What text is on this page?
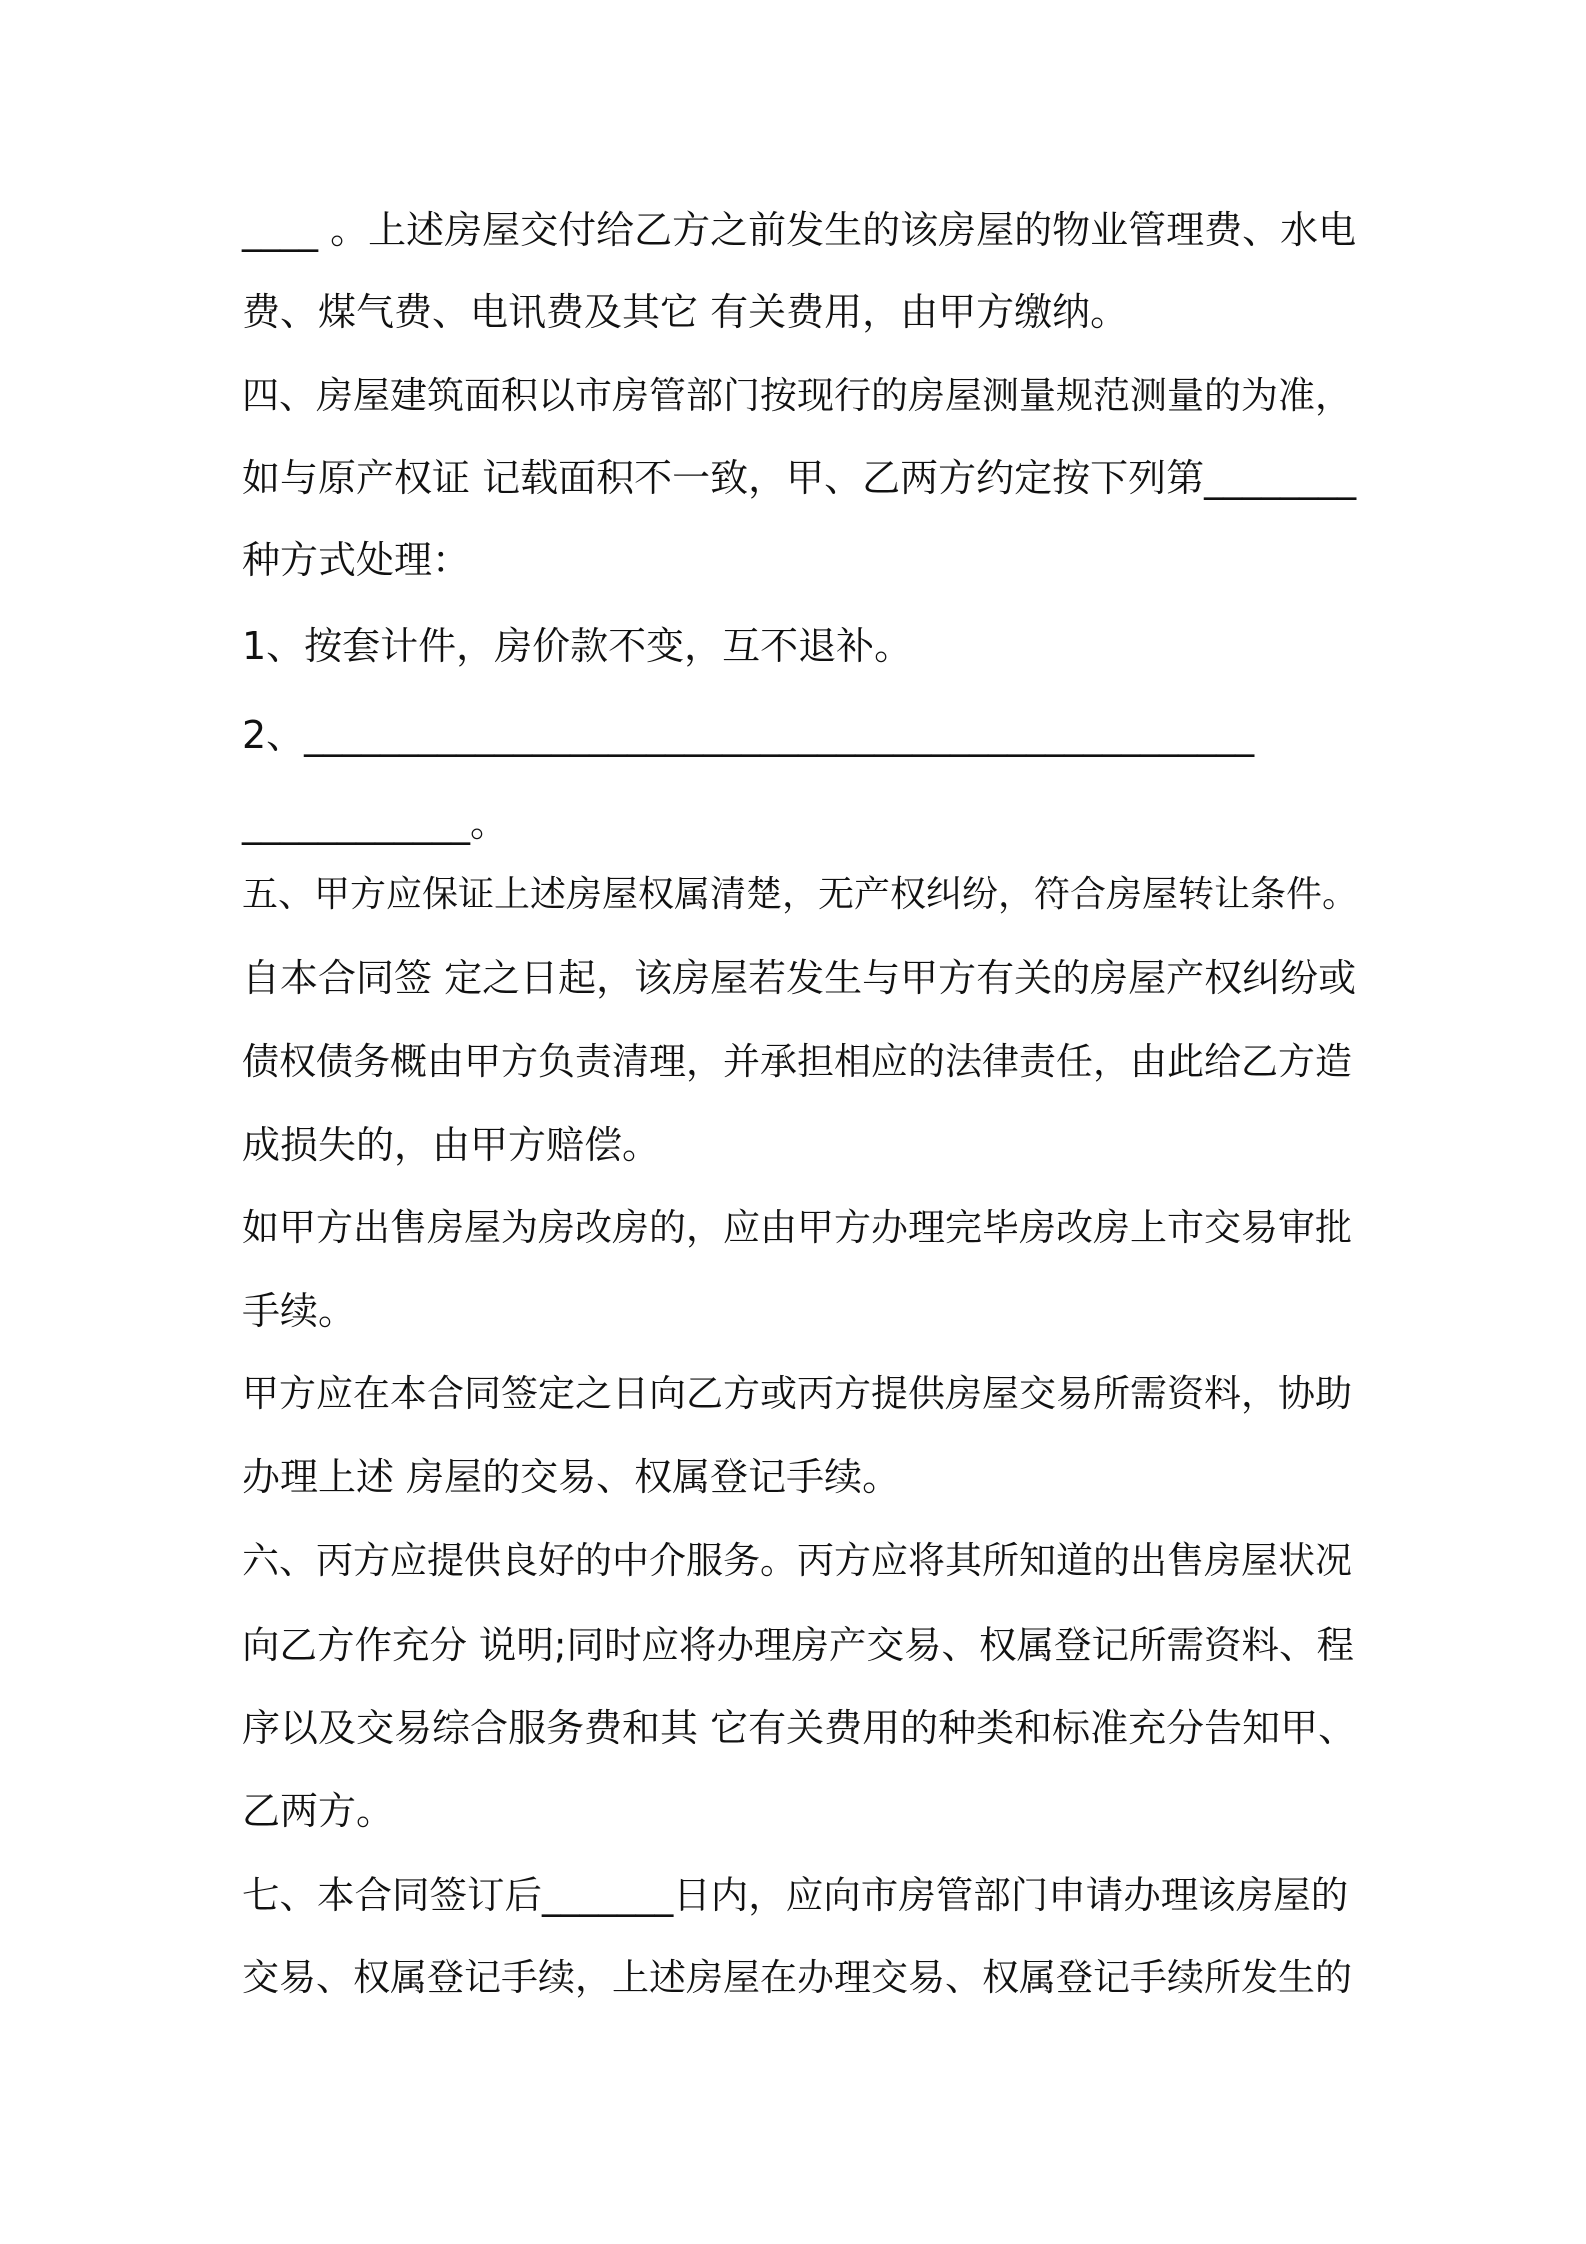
____ 。上述房屋交付给乙方之前发生的该房屋的物业管理费、水电

费、煤气费、电讯费及其它 有关费用，由甲方缴纳。

四、房屋建筑面积以市房管部门按现行的房屋测量规范测量的为准，

如与原产权证 记载面积不一致，甲、乙两方约定按下列第________

种方式处理：

1、按套计件，房价款不变，互不退补。

2、__________________________________________________

____________。

五、甲方应保证上述房屋权属清楚，无产权纠纷，符合房屋转让条件。

自本合同签 定之日起，该房屋若发生与甲方有关的房屋产权纠纷或

债权债务概由甲方负责清理，并承担相应的法律责任，由此给乙方造

成损失的，由甲方赔偿。

如甲方出售房屋为房改房的，应由甲方办理完毕房改房上市交易审批

手续。

甲方应在本合同签定之日向乙方或丙方提供房屋交易所需资料，协助

办理上述 房屋的交易、权属登记手续。

六、丙方应提供良好的中介服务。丙方应将其所知道的出售房屋状况

向乙方作充分 说明;同时应将办理房产交易、权属登记所需资料、程

序以及交易综合服务费和其 它有关费用的种类和标准充分告知甲、

乙两方。

七、本合同签订后_______日内，应向市房管部门申请办理该房屋的

交易、权属登记手续，上述房屋在办理交易、权属登记手续所发生的
